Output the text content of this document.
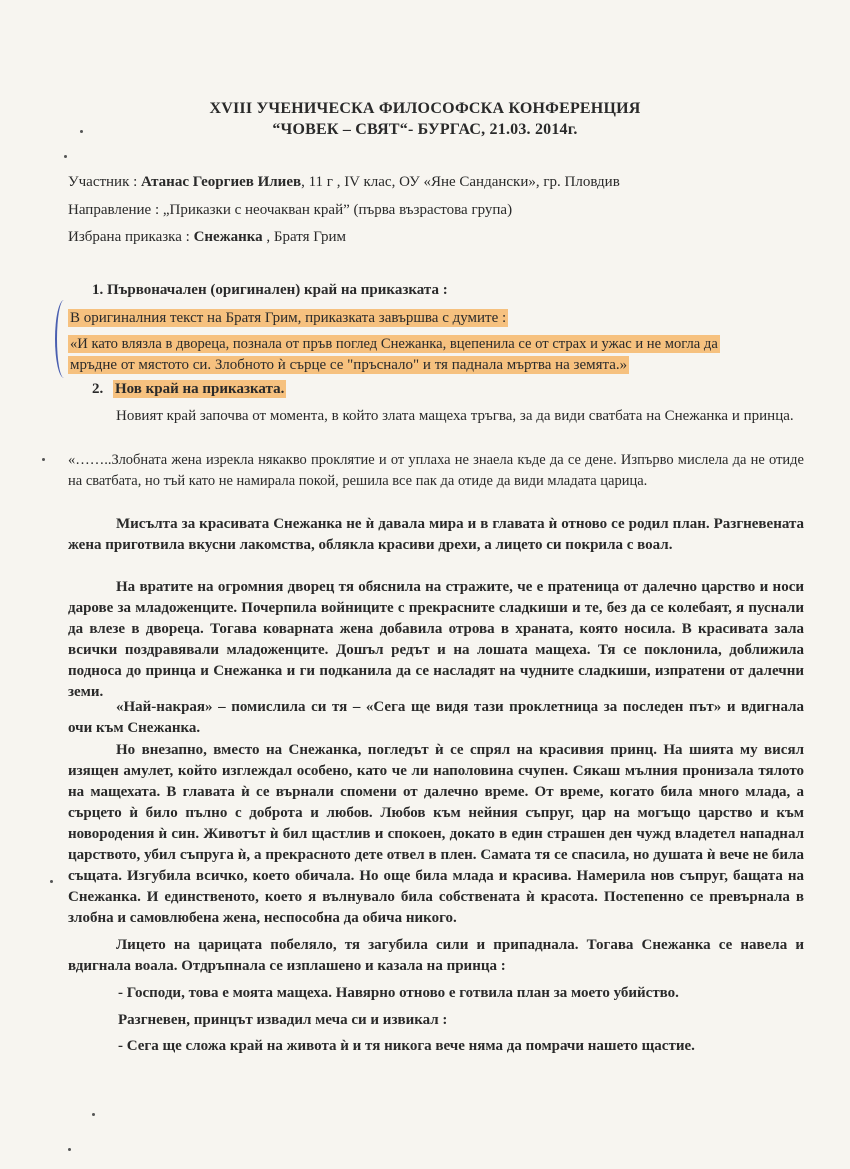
XVIII УЧЕНИЧЕСКА ФИЛОСОФСКА КОНФЕРЕНЦИЯ
“ЧОВЕК – СВЯТ“- БУРГАС, 21.03. 2014г.
Участник : Атанас Георгиев Илиев, 11 г , IV клас, ОУ «Яне Сандански», гр. Пловдив
Направление : „Приказки с неочакван край” (първа възрастова група)
Избрана приказка : Снежанка , Братя Грим
1. Първоначален (оригинален) край на приказката :
В оригиналния текст на Братя Грим, приказката завършва с думите :
«И като влязла в двореца, познала от пръв поглед Снежанка, вцепенила се от страх и ужас и не могла да
мръдне от мястото си. Злобното ѝ сърце се "пръснало" и тя паднала мъртва на земята.»
2. Нов край на приказката.

Новият край започва от момента, в който злата мащеха тръгва, за да види сватбата на Снежанка и принца.

«……..Злобната жена изрекла някакво проклятие и от уплаха не знаела къде да се дене. Изпърво мислела да не отиде на сватбата, но тъй като не намирала покой, решила все пак да отиде да види младата царица.

Мисълта за красивата Снежанка не ѝ давала мира и в главата ѝ отново се родил план. Разгневената жена приготвила вкусни лакомства, облякла красиви дрехи, а лицето си покрила с воал.

На вратите на огромния дворец тя обяснила на стражите, че е пратеница от далечно царство и носи дарове за младоженците. Почерпила войниците с прекрасните сладкиши и те, без да се колебаят, я пуснали да влезе в двореца. Тогава коварната жена добавила отрова в храната, която носила. В красивата зала всички поздравявали младоженците. Дошъл редът и на лошата мащеха. Тя се поклонила, доближила подноса до принца и Снежанка и ги подканила да се насладят на чудните сладкиши, изпратени от далечни земи.

«Най-накрая» – помислила си тя – «Сега ще видя тази проклетница за последен път» и вдигнала очи към Снежанка.

Но внезапно, вместо на Снежанка, погледът ѝ се спрял на красивия принц. На шията му висял изящен амулет, който изглеждал особено, като че ли наполовина счупен. Сякаш мълния пронизала тялото на мащехата. В главата ѝ се върнали спомени от далечно време. От време, когато била много млада, а сърцето ѝ било пълно с доброта и любов. Любов към нейния съпруг, цар на могъщо царство и към новородения ѝ син. Животът ѝ бил щастлив и спокоен, докато в един страшен ден чужд владетел нападнал царството, убил съпруга ѝ, а прекрасното дете отвел в плен. Самата тя се спасила, но душата ѝ вече не била същата. Изгубила всичко, което обичала. Но още била млада и красива. Намерила нов съпруг, бащата на Снежанка. И единственото, което я вълнувало била собствената ѝ красота. Постепенно се превърнала в злобна и самовлюбена жена, неспособна да обича никого.

Лицето на царицата побеляло, тя загубила сили и припаднала. Тогава Снежанка се навела и вдигнала воала. Отдръпнала се изплашено и казала на принца :

- Господи, това е моята мащеха. Навярно отново е готвила план за моето убийство.

Разгневен, принцът извадил меча си и извикал :

- Сега ще сложа край на живота ѝ и тя никога вече няма да помрачи нашето щастие.
